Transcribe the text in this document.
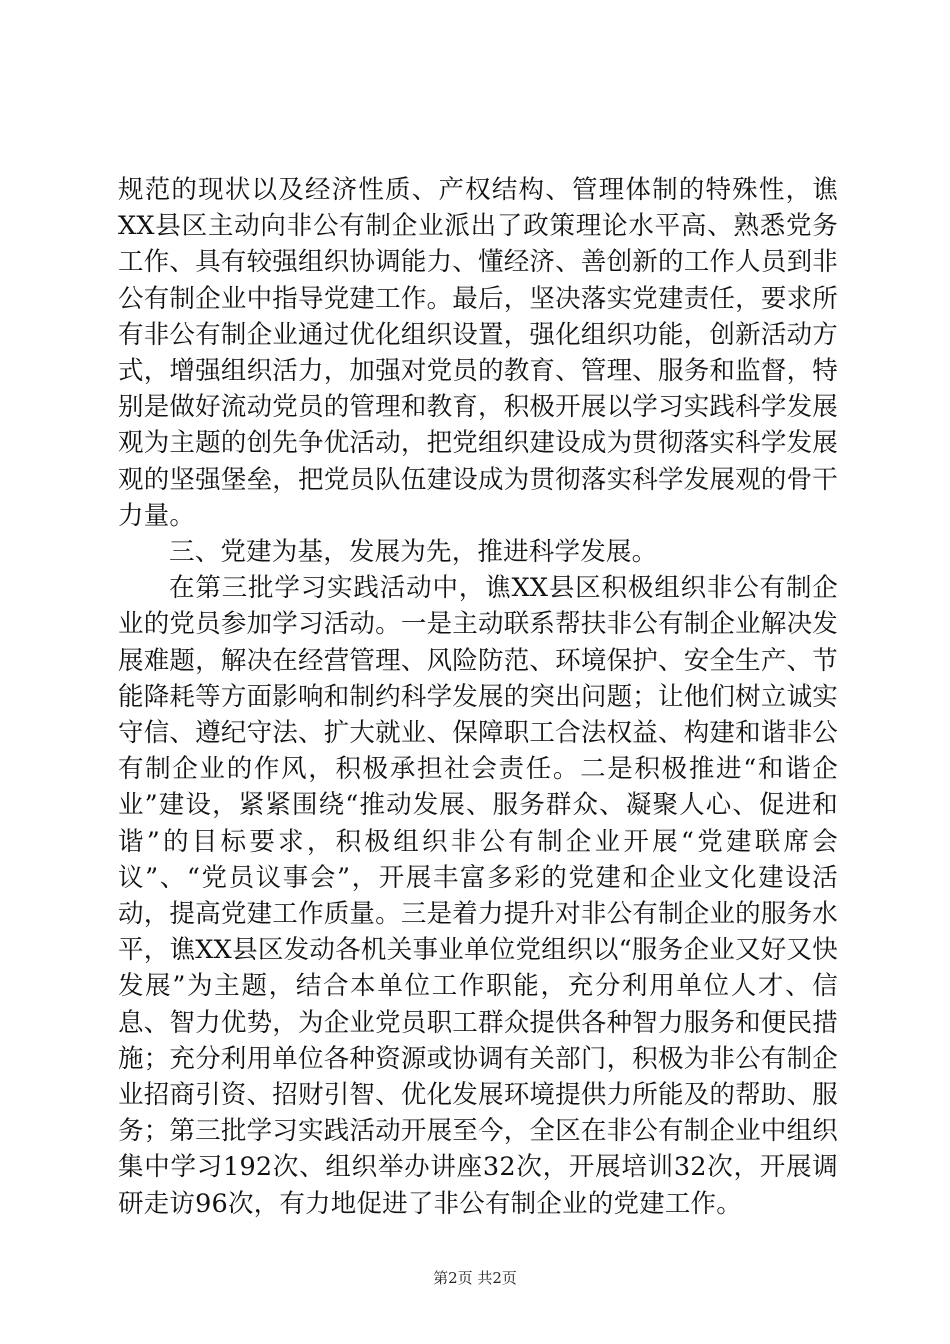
规范的现状以及经济性质、产权结构、管理体制的特殊性，谯XX县区主动向非公有制企业派出了政策理论水平高、熟悉党务工作、具有较强组织协调能力、懂经济、善创新的工作人员到非公有制企业中指导党建工作。最后，坚决落实党建责任，要求所有非公有制企业通过优化组织设置，强化组织功能，创新活动方式，增强组织活力，加强对党员的教育、管理、服务和监督，特别是做好流动党员的管理和教育，积极开展以学习实践科学发展观为主题的创先争优活动，把党组织建设成为贯彻落实科学发展观的坚强堡垒，把党员队伍建设成为贯彻落实科学发展观的骨干力量。

三、党建为基，发展为先，推进科学发展。

在第三批学习实践活动中，谯XX县区积极组织非公有制企业的党员参加学习活动。一是主动联系帮扶非公有制企业解决发展难题，解决在经营管理、风险防范、环境保护、安全生产、节能降耗等方面影响和制约科学发展的突出问题；让他们树立诚实守信、遵纪守法、扩大就业、保障职工合法权益、构建和谐非公有制企业的作风，积极承担社会责任。二是积极推进“和谐企业”建设，紧紧围绕“推动发展、服务群众、凝聚人心、促进和谐”的目标要求，积极组织非公有制企业开展“党建联席会议”、“党员议事会”，开展丰富多彩的党建和企业文化建设活动，提高党建工作质量。三是着力提升对非公有制企业的服务水平，谯XX县区发动各机关事业单位党组织以“服务企业又好又快发展”为主题，结合本单位工作职能，充分利用单位人才、信息、智力优势，为企业党员职工群众提供各种智力服务和便民措施；充分利用单位各种资源或协调有关部门，积极为非公有制企业招商引资、招财引智、优化发展环境提供力所能及的帮助、服务；第三批学习实践活动开展至今，全区在非公有制企业中组织集中学习192次、组织举办讲座32次，开展培训32次，开展调研走访96次，有力地促进了非公有制企业的党建工作。

第2页 共2页
